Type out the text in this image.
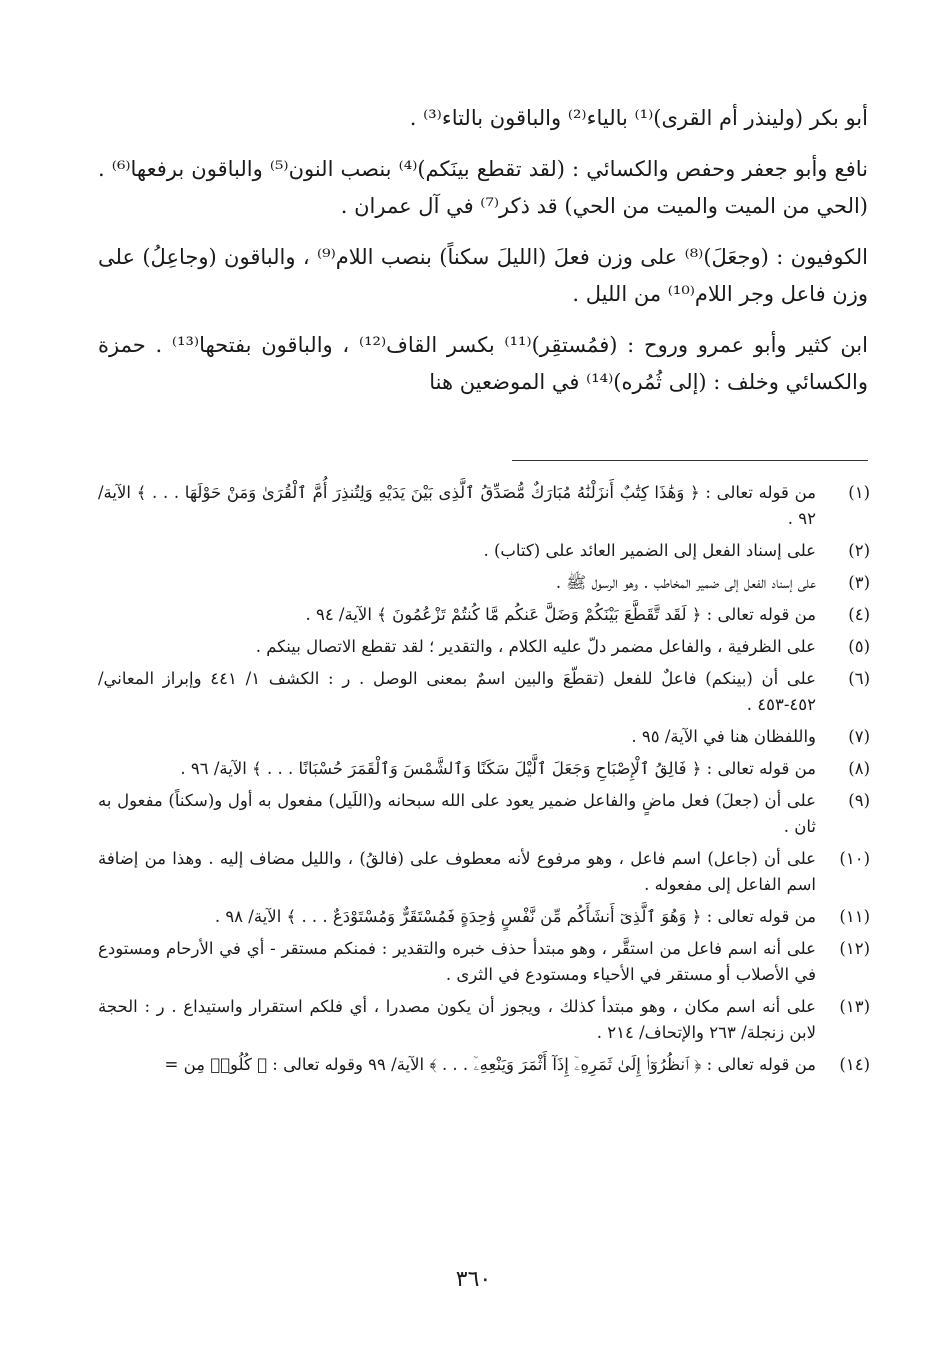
أبو بكر (ولينذر أم القرى)⁽¹⁾ بالياء⁽²⁾ والباقون بالتاء⁽³⁾ .

نافع وأبو جعفر وحفص والكسائي : (لقد تقطع بينَكم)⁽⁴⁾ بنصب النون⁽⁵⁾ والباقون برفعها⁽⁶⁾ . (الحي من الميت والميت من الحي) قد ذكر⁽⁷⁾ في آل عمران .

الكوفيون : (وجعَلَ)⁽⁸⁾ على وزن فعلَ (الليلَ سكناً) بنصب اللام⁽⁹⁾ ، والباقون (وجاعِلُ) على وزن فاعل وجر اللام⁽¹⁰⁾ من الليل .

ابن كثير وأبو عمرو وروح : (فمُستقِر)⁽¹¹⁾ بكسر القاف⁽¹²⁾ ، والباقون بفتحها⁽¹³⁾ . حمزة والكسائي وخلف : (إلى ثُمُره)⁽¹⁴⁾ في الموضعين هنا

(١)
من قوله تعالى : ﴿ وَهَٰذَا كِتَٰبٌ أَنزَلْنَٰهُ مُبَارَكٌ مُّصَدِّقُ ٱلَّذِى بَيْنَ يَدَيْهِ وَلِتُنذِرَ أُمَّ ٱلْقُرَىٰ وَمَنْ حَوْلَهَا . . . ﴾ الآية/ ٩٢ .
(٢)
على إسناد الفعل إلى الضمير العائد على (كتاب) .
(٣)
على إسناد الفعل إلى ضمير المخاطب . وهو الرسول ﷺ .
(٤)
من قوله تعالى : ﴿ لَقَد تَّقَطَّعَ بَيْنَكُمْ وَضَلَّ عَنكُم مَّا كُنتُمْ تَزْعُمُونَ ﴾ الآية/ ٩٤ .
(٥)
على الظرفية ، والفاعل مضمر دلّ عليه الكلام ، والتقدير ؛ لقد تقطع الاتصال بينكم .
(٦)
على أن (بينكم) فاعلٌ للفعل (تقطّعَ والبين اسمٌ بمعنى الوصل . ر : الكشف ١/ ٤٤١ وإبراز المعاني/ ٤٥٢-٤٥٣ .
(٧)
واللفظان هنا في الآية/ ٩٥ .
(٨)
من قوله تعالى : ﴿ فَالِقُ ٱلْإِصْبَاحِ وَجَعَلَ ٱلَّيْلَ سَكَنًا وَٱلشَّمْسَ وَٱلْقَمَرَ حُسْبَانًا . . . ﴾ الآية/ ٩٦ .
(٩)
على أن (جعلَ) فعل ماضٍ والفاعل ضمير يعود على الله سبحانه و(اللَيل) مفعول به أول و(سكناً) مفعول به ثان .
(١٠)
على أن (جاعل) اسم فاعل ، وهو مرفوع لأنه معطوف على (فالقُ) ، والليل مضاف إليه . وهذا من إضافة اسم الفاعل إلى مفعوله .
(١١)
من قوله تعالى : ﴿ وَهُوَ ٱلَّذِىٓ أَنشَأَكُم مِّن نَّفْسٍ وَٰحِدَةٍ فَمُسْتَقَرٌّ وَمُسْتَوْدَعٌ . . . ﴾ الآية/ ٩٨ .
(١٢)
على أنه اسم فاعل من استقَّر ، وهو مبتدأ حذف خبره والتقدير : فمنكم مستقر - أي في الأرحام ومستودع في الأصلاب أو مستقر في الأحياء ومستودع في الثرى .
(١٣)
على أنه اسم مكان ، وهو مبتدأ كذلك ، ويجوز أن يكون مصدرا ، أي فلكم استقرار واستيداع . ر : الحجة لابن زنجلة/ ٢٦٣ والإتحاف/ ٢١٤ .
(١٤)
من قوله تعالى : ﴿ ٱنظُرُوٓا۟ إِلَىٰ ثَمَرِهِۦٓ إِذَآ أَثْمَرَ وَيَنْعِهِۦٓ . . . ﴾ الآية/ ٩٩ وقوله تعالى : ﴿ كُلُوا۟ مِن =
٣٦٠
